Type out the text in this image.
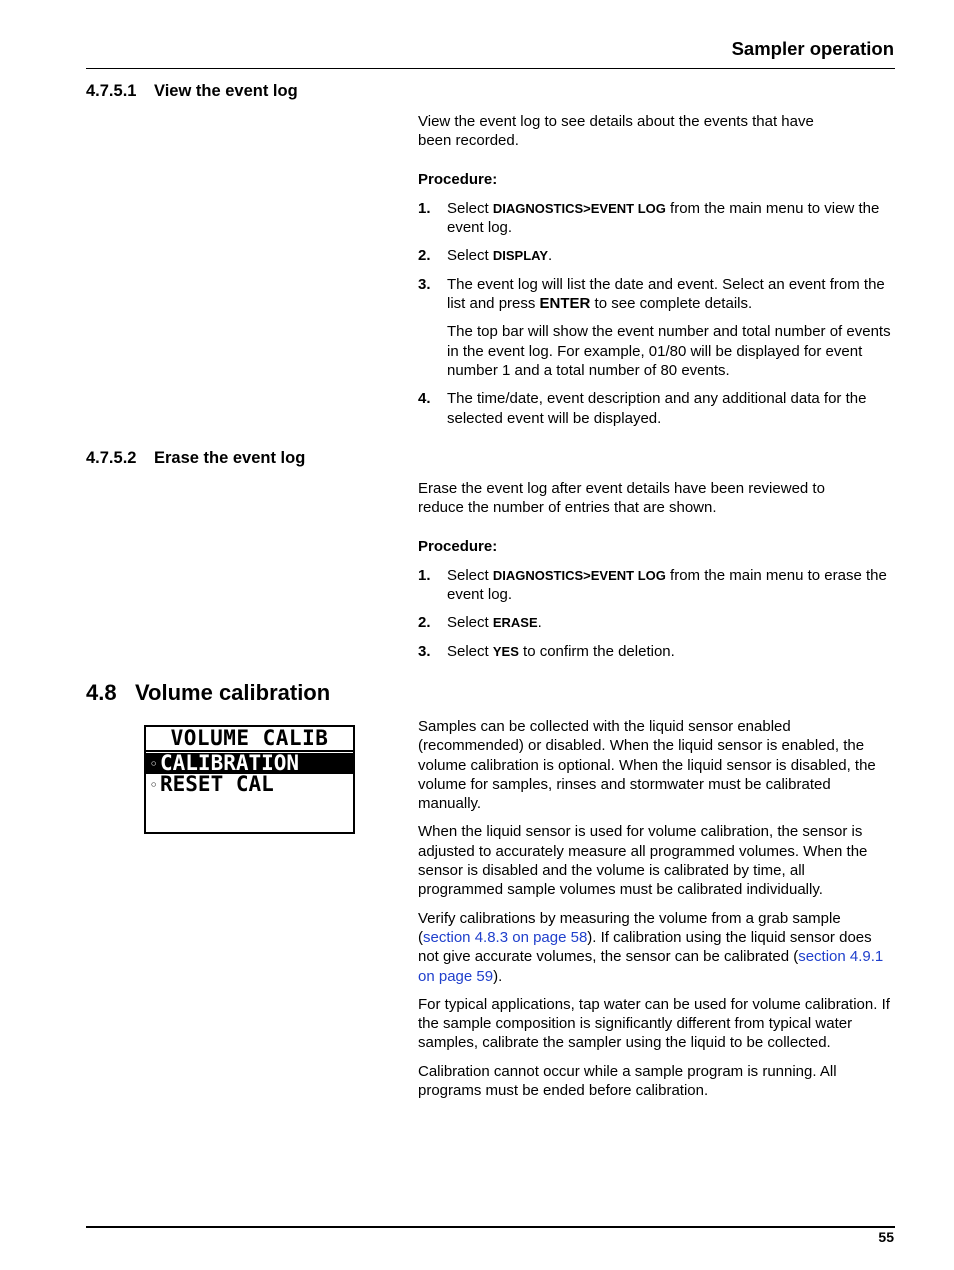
Sampler operation
4.7.5.1 View the event log

View the event log to see details about the events that have been recorded.

Procedure:

1. Select DIAGNOSTICS>EVENT LOG from the main menu to view the event log.
2. Select DISPLAY.
3. The event log will list the date and event. Select an event from the list and press ENTER to see complete details.

The top bar will show the event number and total number of events in the event log. For example, 01/80 will be displayed for event number 1 and a total number of 80 events.

4. The time/date, event description and any additional data for the selected event will be displayed.
4.7.5.2 Erase the event log

Erase the event log after event details have been reviewed to reduce the number of entries that are shown.

Procedure:

1. Select DIAGNOSTICS>EVENT LOG from the main menu to erase the event log.
2. Select ERASE.
3. Select YES to confirm the deletion.
4.8 Volume calibration
VOLUME CALIB
◦ CALIBRATION
◦ RESET CAL

Samples can be collected with the liquid sensor enabled (recommended) or disabled. When the liquid sensor is enabled, the volume calibration is optional. When the liquid sensor is disabled, the volume for samples, rinses and stormwater must be calibrated manually.

When the liquid sensor is used for volume calibration, the sensor is adjusted to accurately measure all programmed volumes. When the sensor is disabled and the volume is calibrated by time, all programmed sample volumes must be calibrated individually.

Verify calibrations by measuring the volume from a grab sample (section 4.8.3 on page 58). If calibration using the liquid sensor does not give accurate volumes, the sensor can be calibrated (section 4.9.1 on page 59).

For typical applications, tap water can be used for volume calibration. If the sample composition is significantly different from typical water samples, calibrate the sampler using the liquid to be collected.

Calibration cannot occur while a sample program is running. All programs must be ended before calibration.

55
